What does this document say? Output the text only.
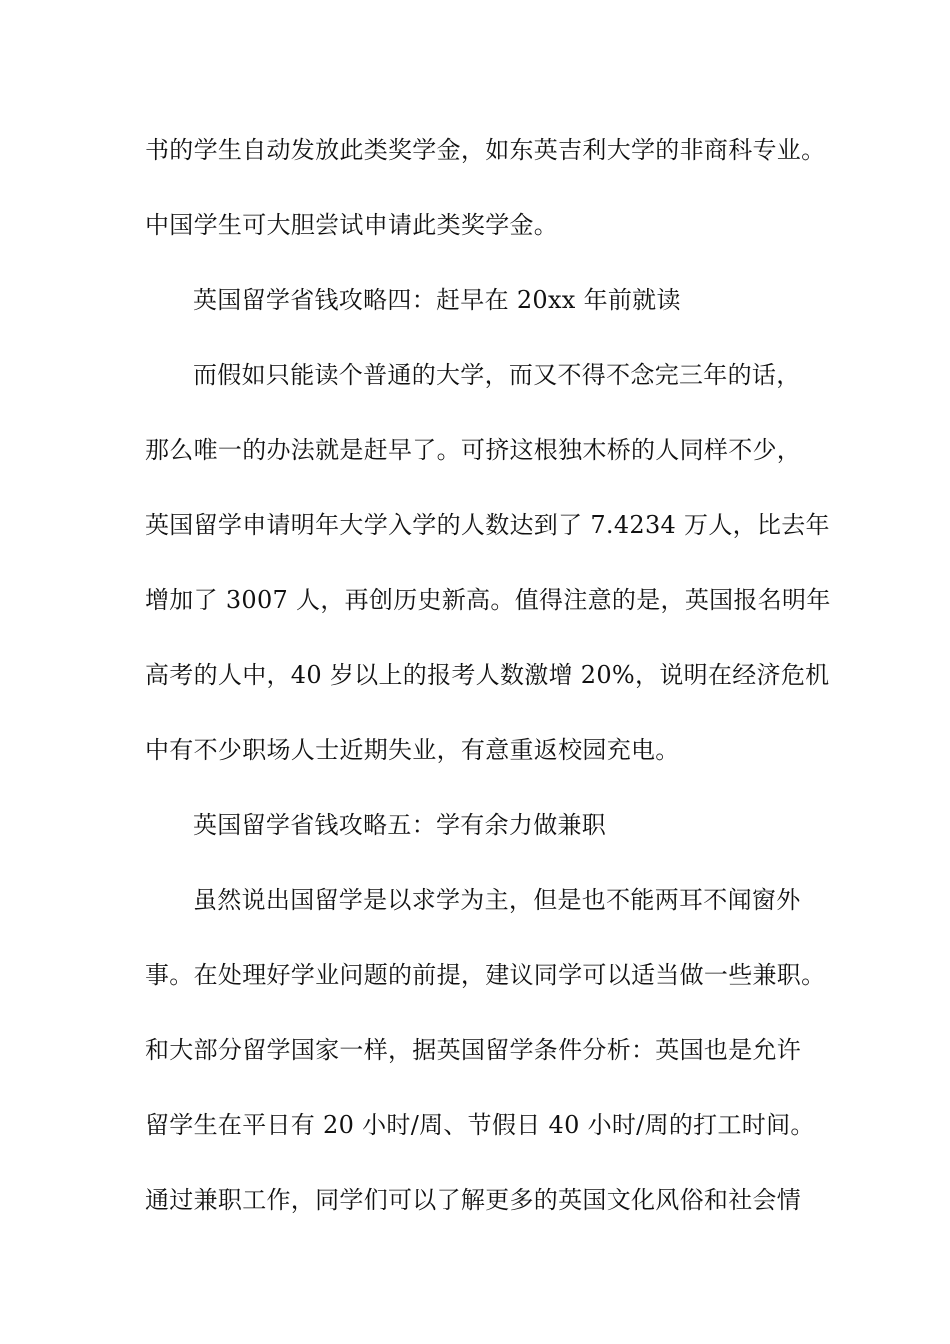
书的学生自动发放此类奖学金，如东英吉利大学的非商科专业。
中国学生可大胆尝试申请此类奖学金。
英国留学省钱攻略四：赶早在 20xx 年前就读
而假如只能读个普通的大学，而又不得不念完三年的话，
那么唯一的办法就是赶早了。可挤这根独木桥的人同样不少，
英国留学申请明年大学入学的人数达到了 7.4234 万人，比去年
增加了 3007 人，再创历史新高。值得注意的是，英国报名明年
高考的人中，40 岁以上的报考人数激增 20%，说明在经济危机
中有不少职场人士近期失业，有意重返校园充电。
英国留学省钱攻略五：学有余力做兼职
虽然说出国留学是以求学为主，但是也不能两耳不闻窗外
事。在处理好学业问题的前提，建议同学可以适当做一些兼职。
和大部分留学国家一样，据英国留学条件分析：英国也是允许
留学生在平日有 20 小时/周、节假日 40 小时/周的打工时间。
通过兼职工作，同学们可以了解更多的英国文化风俗和社会情
